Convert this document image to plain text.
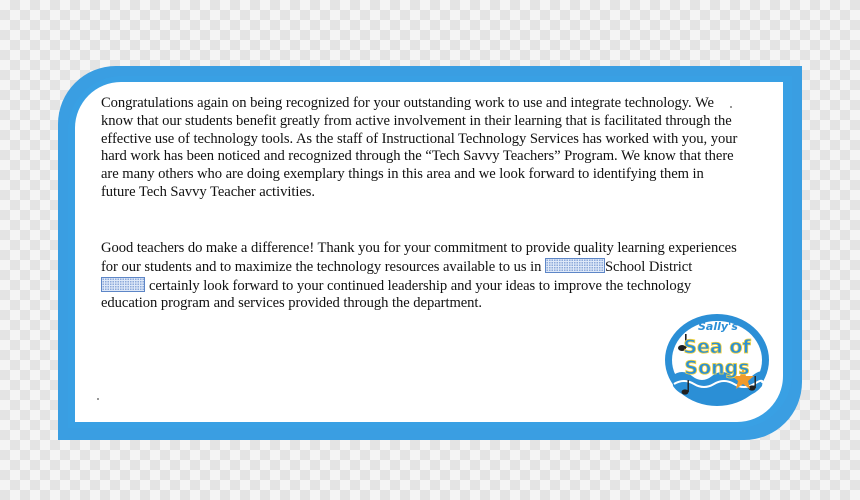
Congratulations again on being recognized for your outstanding work to use and integrate technology. We know that our students benefit greatly from active involvement in their learning that is facilitated through the effective use of technology tools. As the staff of Instructional Technology Services has worked with you, your hard work has been noticed and recognized through the “Tech Savvy Teachers” Program. We know that there are many others who are doing exemplary things in this area and we look forward to identifying them in future Tech Savvy Teacher activities.

Good teachers do make a difference! Thank you for your commitment to provide quality learning experiences for our students and to maximize the technology resources available to us in	School District certainly look forward to your continued leadership and your ideas to improve the technology education program and services provided through the department.

Sally's
Sea of
Songs
